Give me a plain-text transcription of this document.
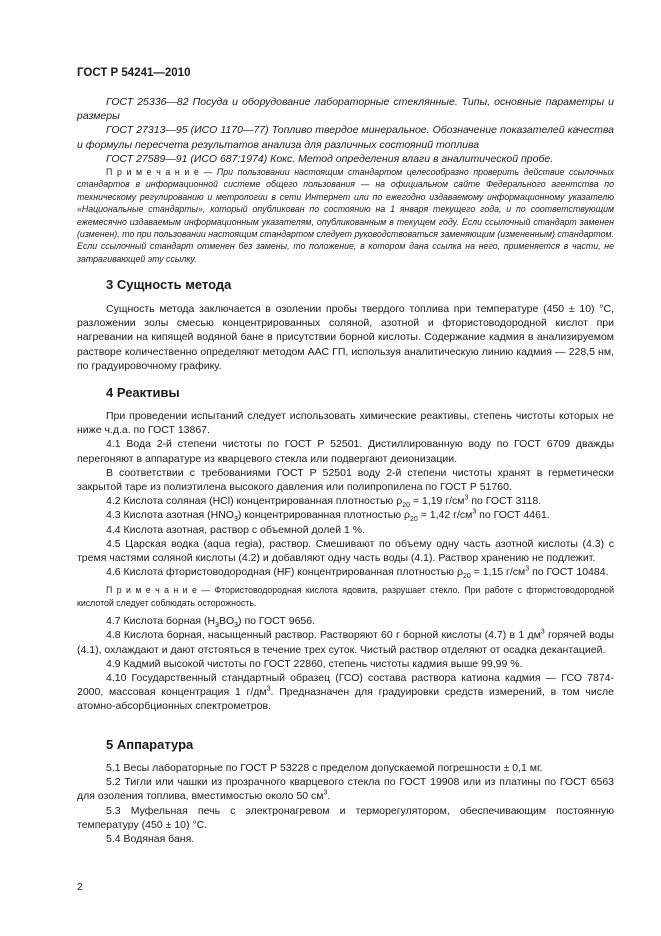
ГОСТ Р 54241—2010

ГОСТ 25336—82 Посуда и оборудование лабораторные стеклянные. Типы, основные параметры и размеры

ГОСТ 27313—95 (ИСО 1170—77) Топливо твердое минеральное. Обозначение показателей качества и формулы пересчета результатов анализа для различных состояний топлива

ГОСТ 27589—91 (ИСО 687:1974) Кокс. Метод определения влаги в аналитической пробе.

П р и м е ч а н и е — При пользовании настоящим стандартом целесообразно проверить действие ссылочных стандартов в информационной системе общего пользования — на официальном сайте Федерального агентства по техническому регулированию и метрологии в сети Интернет или по ежегодно издаваемому информационному указателю «Национальные стандарты», который опубликован по состоянию на 1 января текущего года, и по соответствующим ежемесячно издаваемым информационным указателям, опубликованным в текущем году. Если ссылочный стандарт заменен (изменен), то при пользовании настоящим стандартом следует руководствоваться заменяющим (измененным) стандартом. Если ссылочный стандарт отменен без замены, то положение, в котором дана ссылка на него, применяется в части, не затрагивающей эту ссылку.

3 Сущность метода

Сущность метода заключается в озолении пробы твердого топлива при температуре (450 ± 10) °С, разложении золы смесью концентрированных соляной, азотной и фтористоводородной кислот при нагревании на кипящей водяной бане в присутствии борной кислоты. Содержание кадмия в анализируемом растворе количественно определяют методом ААС ГП, используя аналитическую линию кадмия — 228,5 нм, по градуировочному графику.

4 Реактивы

При проведении испытаний следует использовать химические реактивы, степень чистоты которых не ниже ч.д.а. по ГОСТ 13867.

4.1 Вода 2-й степени чистоты по ГОСТ Р 52501. Дистиллированную воду по ГОСТ 6709 дважды перегоняют в аппаратуре из кварцевого стекла или подвергают деионизации.

В соответствии с требованиями ГОСТ Р 52501 воду 2-й степени чистоты хранят в герметически закрытой таре из полиэтилена высокого давления или полипропилена по ГОСТ Р 51760.

4.2 Кислота соляная (HCl) концентрированная плотностью $\rho_{20} = 1,19$ $г/см^3$ по ГОСТ 3118.

4.3 Кислота азотная $(HNO_3)$ концентрированная плотностью $\rho_{20} = 1,42$ $г/см^3$ по ГОСТ 4461.

4.4 Кислота азотная, раствор с объемной долей 1 %.

4.5 Царская водка (aqua regia), раствор. Смешивают по объему одну часть азотной кислоты (4.3) с тремя частями соляной кислоты (4.2) и добавляют одну часть воды (4.1). Раствор хранению не подлежит.

4.6 Кислота фтористоводородная (HF) концентрированная плотностью $\rho_{20} = 1,15$ $г/см^3$ по ГОСТ 10484.

П р и м е ч а н и е — Фтористоводородная кислота ядовита, разрушает стекло. При работе с фтористоводородной кислотой следует соблюдать осторожность.

4.7 Кислота борная $(H_3BO_3)$ по ГОСТ 9656.

4.8 Кислота борная, насыщенный раствор. Растворяют 60 г борной кислоты (4.7) в 1 $дм^3$ горячей воды (4.1), охлаждают и дают отстояться в течение трех суток. Чистый раствор отделяют от осадка декантацией.

4.9 Кадмий высокой чистоты по ГОСТ 22860, степень чистоты кадмия выше 99,99 %.

4.10 Государственный стандартный образец (ГСО) состава раствора катиона кадмия — ГСО 7874-2000, массовая концентрация 1 $г/дм^3$. Предназначен для градуировки средств измерений, в том числе атомно-абсорбционных спектрометров.

5 Аппаратура

5.1 Весы лабораторные по ГОСТ Р 53228 с пределом допускаемой погрешности ± 0,1 мг.

5.2 Тигли или чашки из прозрачного кварцевого стекла по ГОСТ 19908 или из платины по ГОСТ 6563 для озоления топлива, вместимостью около 50 $см^3$.

5.3 Муфельная печь с электронагревом и терморегулятором, обеспечивающим постоянную температуру (450 ± 10) °С.

5.4 Водяная баня.

2
